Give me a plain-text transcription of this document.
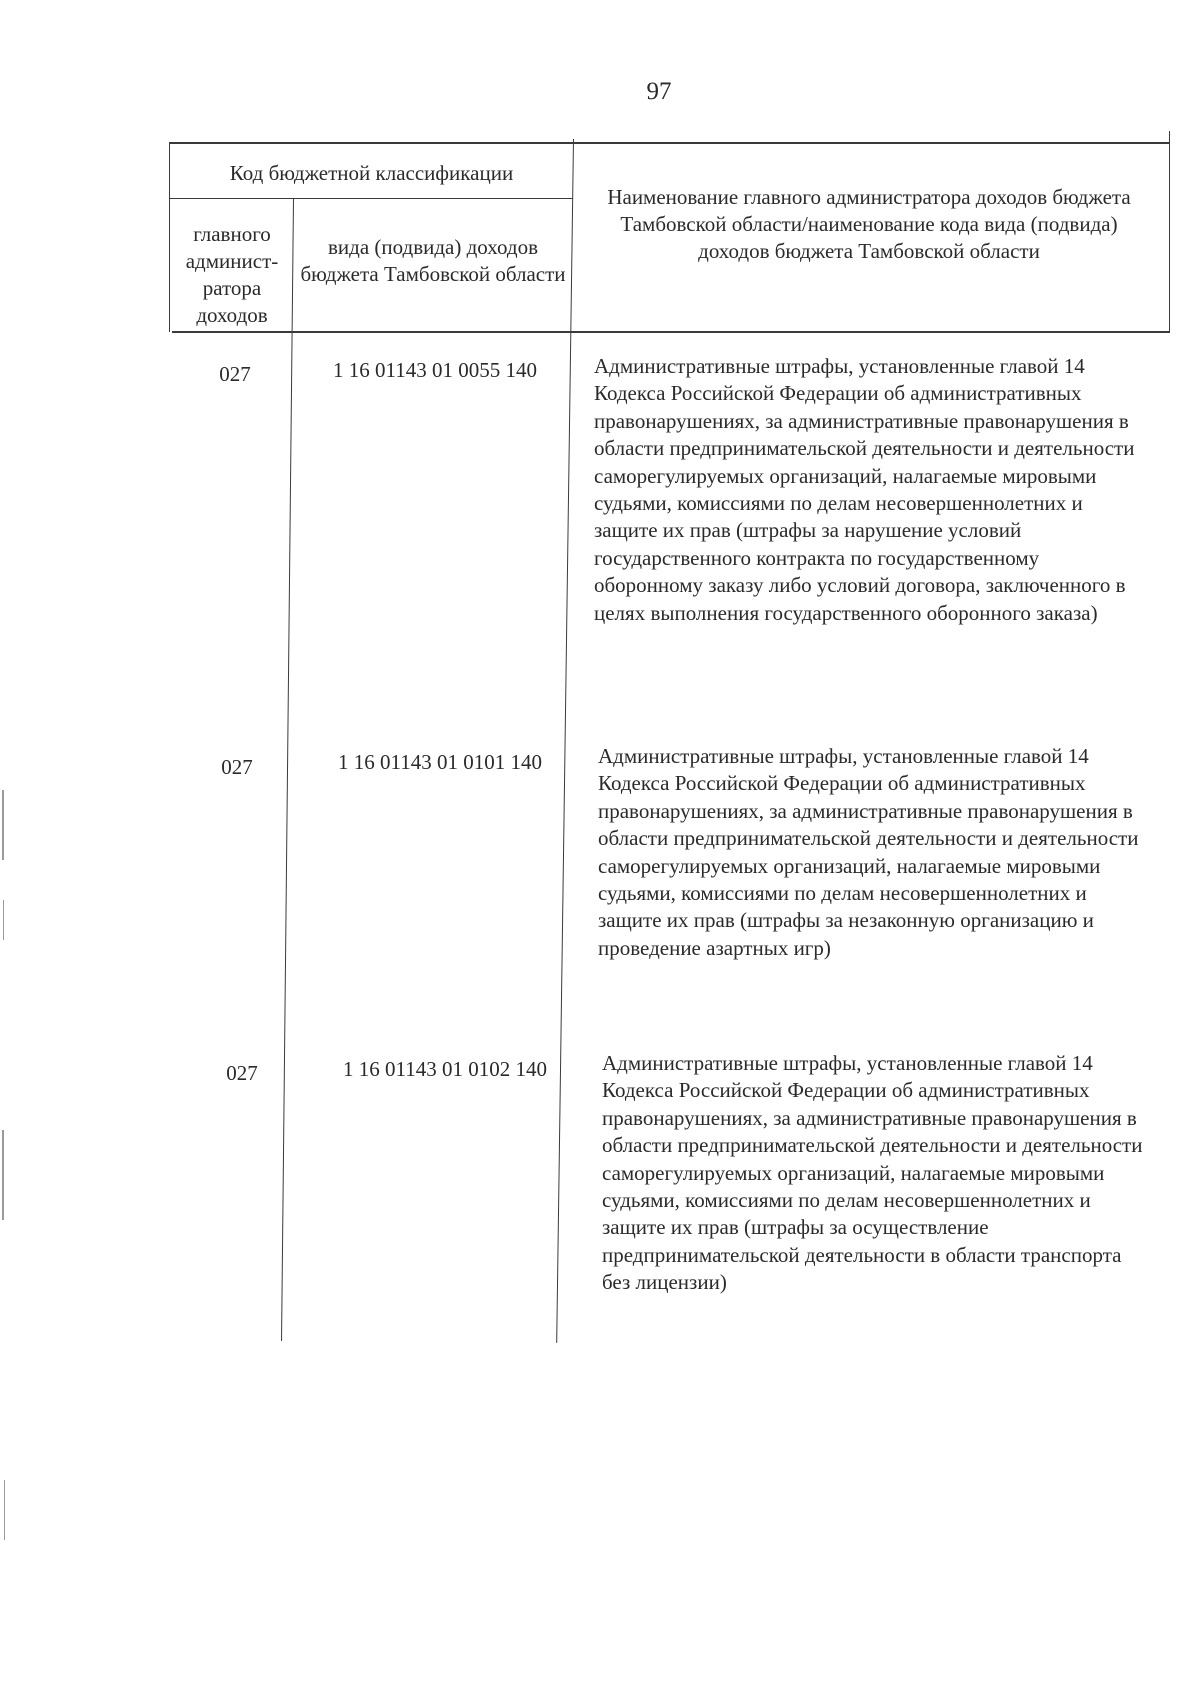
97
Код бюджетной классификации
главного админист-ратора доходов
вида (подвида) доходов бюджета Тамбовской области
Наименование главного администратора доходов бюджета Тамбовской области/наименование кода вида (подвида) доходов бюджета Тамбовской области
027	1 16 01143 01 0055 140	Административные штрафы, установленные главой 14 Кодекса Российской Федерации об административных правонарушениях, за административные правонарушения в области предпринимательской деятельности и деятельности саморегулируемых организаций, налагаемые мировыми судьями, комиссиями по делам несовершеннолетних и защите их прав (штрафы за нарушение условий государственного контракта по государственному оборонному заказу либо условий договора, заключенного в целях выполнения государственного оборонного заказа)
027	1 16 01143 01 0101 140	Административные штрафы, установленные главой 14 Кодекса Российской Федерации об административных правонарушениях, за административные правонарушения в области предпринимательской деятельности и деятельности саморегулируемых организаций, налагаемые мировыми судьями, комиссиями по делам несовершеннолетних и защите их прав (штрафы за незаконную организацию и проведение азартных игр)
027	1 16 01143 01 0102 140	Административные штрафы, установленные главой 14 Кодекса Российской Федерации об административных правонарушениях, за административные правонарушения в области предпринимательской деятельности и деятельности саморегулируемых организаций, налагаемые мировыми судьями, комиссиями по делам несовершеннолетних и защите их прав (штрафы за осуществление предпринимательской деятельности в области транспорта без лицензии)
